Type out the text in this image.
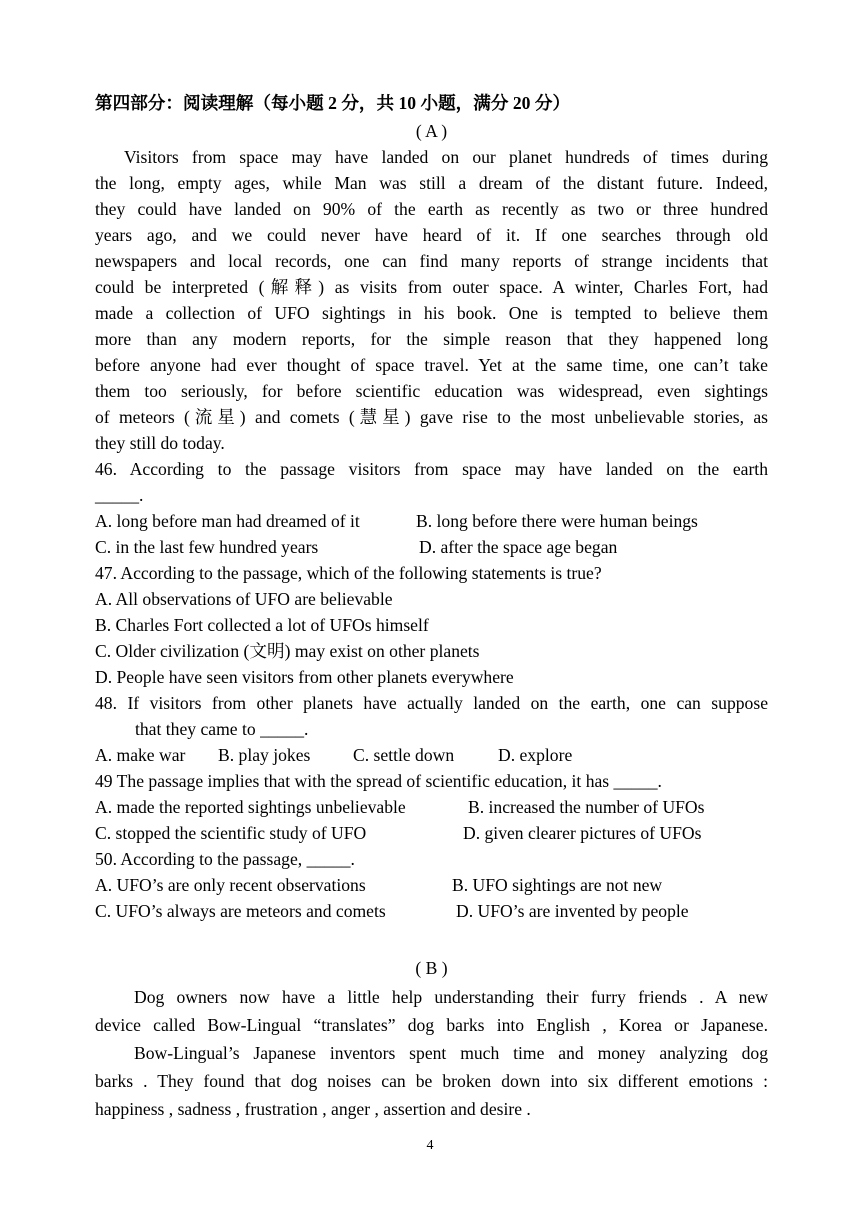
第四部分：阅读理解（每小题 2 分，共 10 小题，满分 20 分）
( A )
Visitors from space may have landed on our planet hundreds of times during
the long, empty ages, while Man was still a dream of the distant future. Indeed,
they could have landed on 90% of the earth as recently as two or three hundred
years ago, and we could never have heard of it. If one searches through old
newspapers and local records, one can find many reports of strange incidents that
could be interpreted (解释) as visits from outer space. A winter, Charles Fort, had
made a collection of UFO sightings in his book. One is tempted to believe them
more than any modern reports, for the simple reason that they happened long
before anyone had ever thought of space travel. Yet at the same time, one can’t take
them too seriously, for before scientific education was widespread, even sightings
of meteors (流星) and comets (慧星) gave rise to the most unbelievable stories, as
they still do today.
46. According to the passage visitors from space may have landed on the earth
_____.
A. long before man had dreamed of it	B. long before there were human beings
C. in the last few hundred years	D. after the space age began
47. According to the passage, which of the following statements is true?
A. All observations of UFO are believable
B. Charles Fort collected a lot of UFOs himself
C. Older civilization (文明) may exist on other planets
D. People have seen visitors from other planets everywhere
48. If visitors from other planets have actually landed on the earth, one can suppose
that they came to _____.
A. make war B. play jokes C. settle down D. explore
49 The passage implies that with the spread of scientific education, it has _____.
A. made the reported sightings unbelievable	B. increased the number of UFOs
C. stopped the scientific study of UFO	D. given clearer pictures of UFOs
50. According to the passage, _____.
A. UFO’s are only recent observations	B. UFO sightings are not new
C. UFO’s always are meteors and comets	D. UFO’s are invented by people
( B )
Dog owners now have a little help understanding their furry friends . A new
device called Bow-Lingual “translates” dog barks into English , Korea or Japanese.
Bow-Lingual’s Japanese inventors spent much time and money analyzing dog
barks . They found that dog noises can be broken down into six different emotions :
happiness , sadness , frustration , anger , assertion and desire .
4
